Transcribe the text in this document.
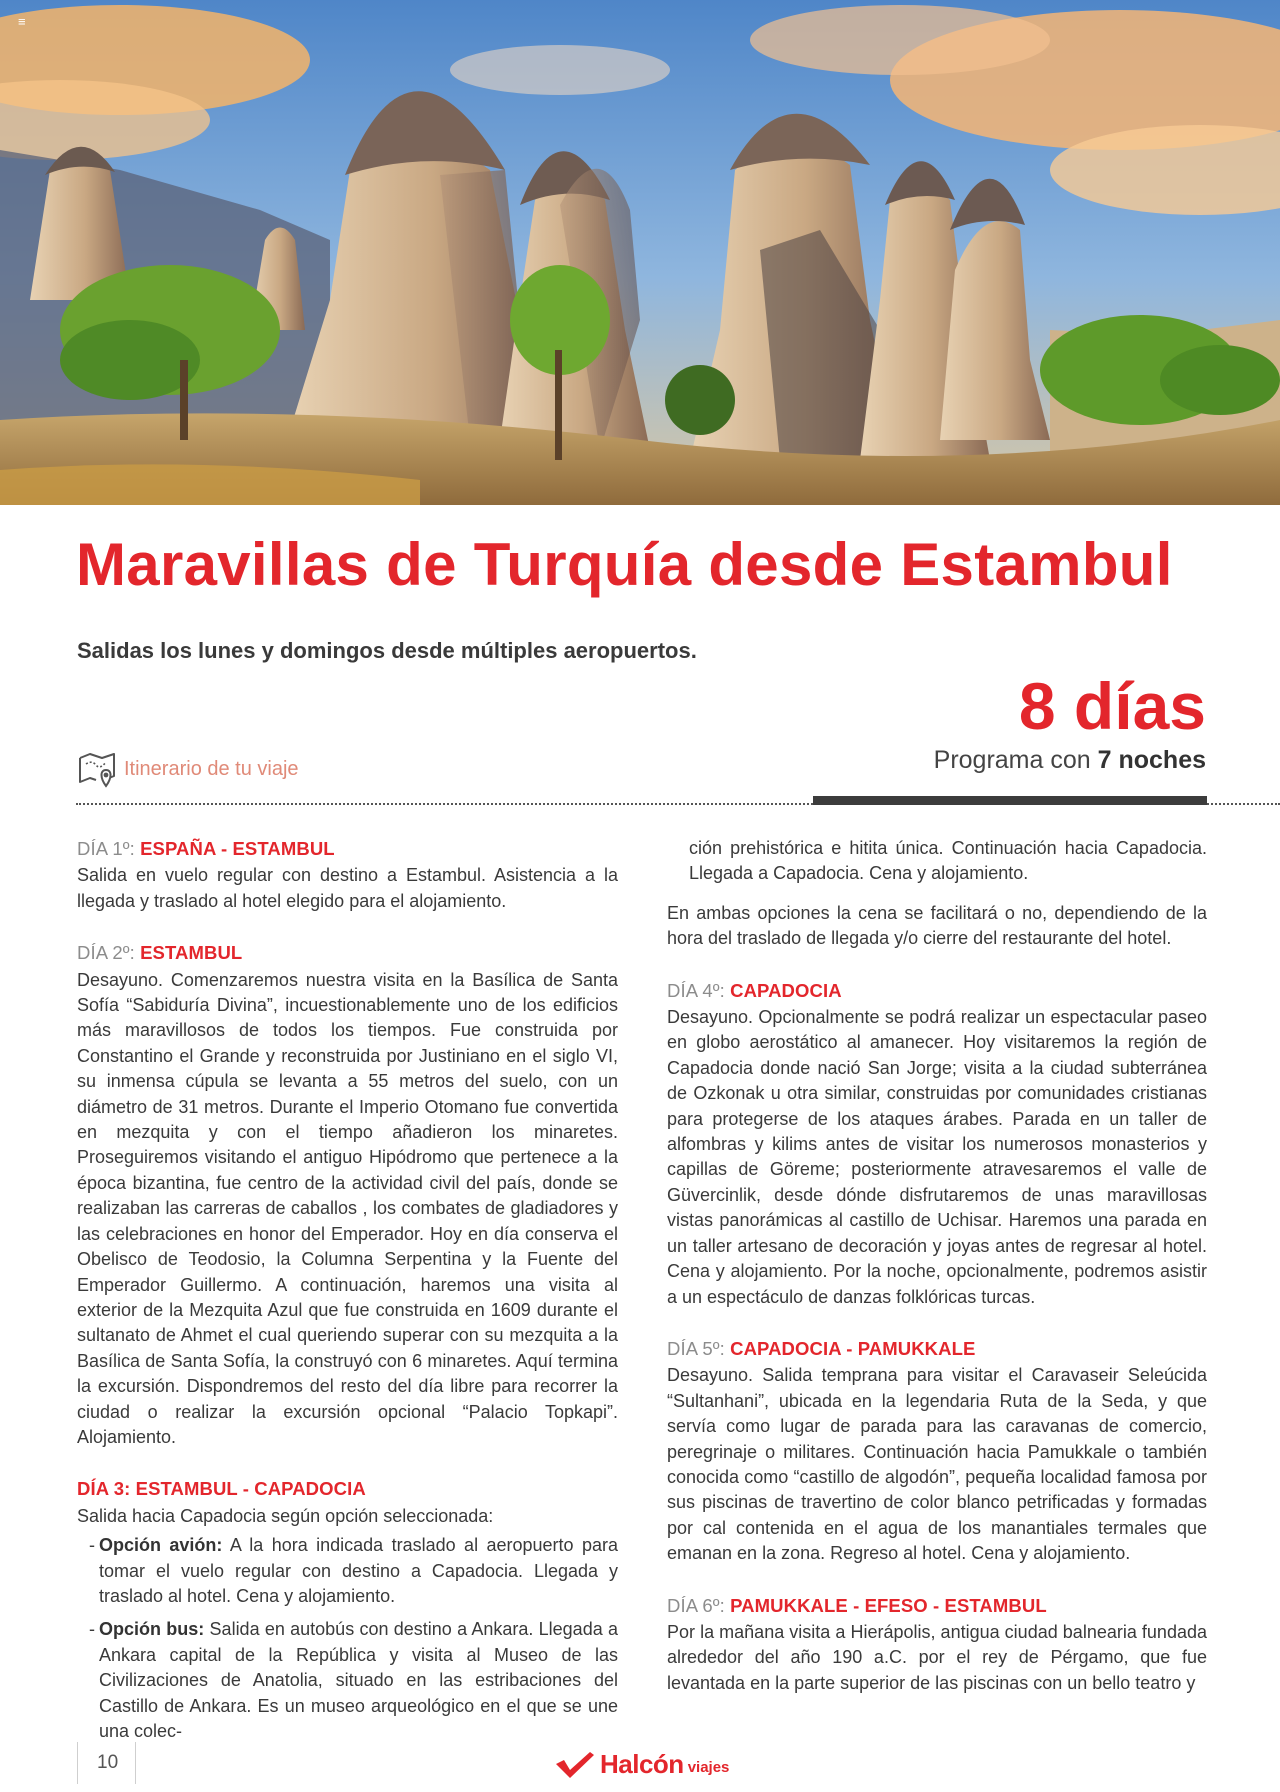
≡
Maravillas de Turquía desde Estambul
Salidas los lunes y domingos desde múltiples aeropuertos.
8 días
Programa con 7 noches
Itinerario de tu viaje
DÍA 1º: ESPAÑA - ESTAMBUL

Salida en vuelo regular con destino a Estambul. Asistencia a la llegada y traslado al hotel elegido para el alojamiento.

DÍA 2º: ESTAMBUL

Desayuno. Comenzaremos nuestra visita en la Basílica de Santa Sofía “Sabiduría Divina”, incuestionablemente uno de los edificios más maravillosos de todos los tiempos. Fue construida por Constantino el Grande y reconstruida por Justiniano en el siglo VI, su inmensa cúpula se levanta a 55 metros del suelo, con un diámetro de 31 metros. Durante el Imperio Otomano fue convertida en mezquita y con el tiempo añadieron los minaretes. Proseguiremos visitando el antiguo Hipódromo que pertenece a la época bizantina, fue centro de la actividad civil del país, donde se realizaban las carreras de caballos , los combates de gladiadores y las celebraciones en honor del Emperador. Hoy en día conserva el Obelisco de Teodosio, la Columna Serpentina y la Fuente del Emperador Guillermo. A continuación, haremos una visita al exterior de la Mezquita Azul que fue construida en 1609 durante el sultanato de Ahmet el cual queriendo superar con su mezquita a la Basílica de Santa Sofía, la construyó con 6 minaretes. Aquí termina la excursión. Dispondremos del resto del día libre para recorrer la ciudad o realizar la excursión opcional “Palacio Topkapi”. Alojamiento.

DÍA 3: ESTAMBUL - CAPADOCIA

Salida hacia Capadocia según opción seleccionada:

- Opción avión: A la hora indicada traslado al aeropuerto para tomar el vuelo regular con destino a Capadocia. Llegada y traslado al hotel. Cena y alojamiento.
- Opción bus: Salida en autobús con destino a Ankara. Llegada a Ankara capital de la República y visita al Museo de las Civilizaciones de Anatolia, situado en las estribaciones del Castillo de Ankara. Es un museo arqueológico en el que se une una colec-

ción prehistórica e hitita única. Continuación hacia Capadocia. Llegada a Capadocia. Cena y alojamiento.

En ambas opciones la cena se facilitará o no, dependiendo de la hora del traslado de llegada y/o cierre del restaurante del hotel.

DÍA 4º: CAPADOCIA

Desayuno. Opcionalmente se podrá realizar un espectacular paseo en globo aerostático al amanecer. Hoy visitaremos la región de Capadocia donde nació San Jorge; visita a la ciudad subterránea de Ozkonak u otra similar, construidas por comunidades cristianas para protegerse de los ataques árabes. Parada en un taller de alfombras y kilims antes de visitar los numerosos monasterios y capillas de Göreme; posteriormente atravesaremos el valle de Güvercinlik, desde dónde disfrutaremos de unas maravillosas vistas panorámicas al castillo de Uchisar. Haremos una parada en un taller artesano de decoración y joyas antes de regresar al hotel. Cena y alojamiento. Por la noche, opcionalmente, podremos asistir a un espectáculo de danzas folklóricas turcas.

DÍA 5º: CAPADOCIA - PAMUKKALE

Desayuno. Salida temprana para visitar el Caravaseir Seleúcida “Sultanhani”, ubicada en la legendaria Ruta de la Seda, y que servía como lugar de parada para las caravanas de comercio, peregrinaje o militares. Continuación hacia Pamukkale o también conocida como “castillo de algodón”, pequeña localidad famosa por sus piscinas de travertino de color blanco petrificadas y formadas por cal contenida en el agua de los manantiales termales que emanan en la zona. Regreso al hotel. Cena y alojamiento.

DÍA 6º: PAMUKKALE - EFESO - ESTAMBUL

Por la mañana visita a Hierápolis, antigua ciudad balnearia fundada alrededor del año 190 a.C. por el rey de Pérgamo, que fue levantada en la parte superior de las piscinas con un bello teatro y

10	Halcón viajes
